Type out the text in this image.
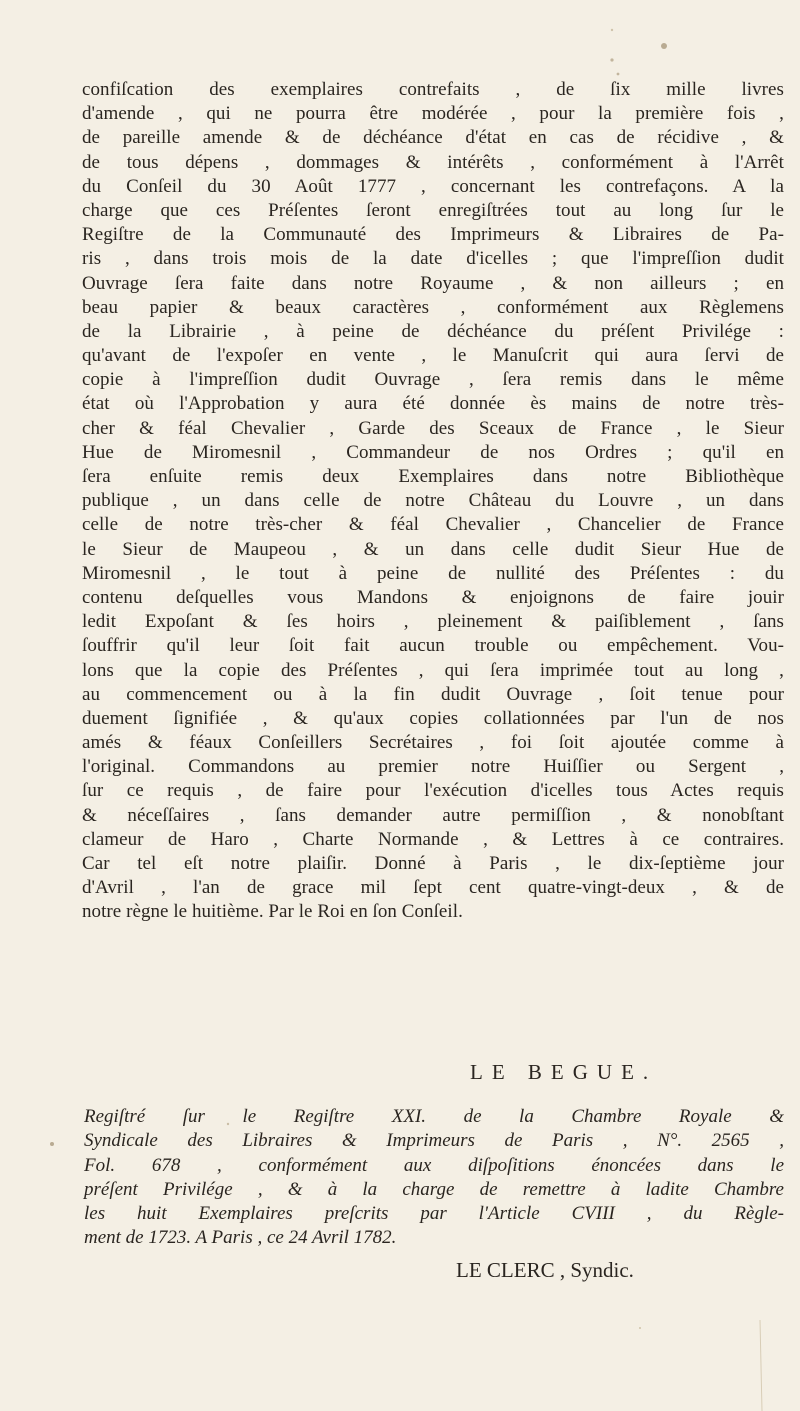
confiſcation des exemplaires contrefaits , de ſix mille livres
d'amende , qui ne pourra être modérée , pour la première fois ,
de pareille amende & de déchéance d'état en cas de récidive , &
de tous dépens , dommages & intérêts , conformément à l'Arrêt
du Conſeil du 30 Août 1777 , concernant les contrefaçons. A la
charge que ces Préſentes ſeront enregiſtrées tout au long ſur le
Regiſtre de la Communauté des Imprimeurs & Libraires de Pa-
ris , dans trois mois de la date d'icelles ; que l'impreſſion dudit
Ouvrage ſera faite dans notre Royaume , & non ailleurs ; en
beau papier & beaux caractères , conformément aux Règlemens
de la Librairie , à peine de déchéance du préſent Privilége :
qu'avant de l'expoſer en vente , le Manuſcrit qui aura ſervi de
copie à l'impreſſion dudit Ouvrage , ſera remis dans le même
état où l'Approbation y aura été donnée ès mains de notre très-
cher & féal Chevalier , Garde des Sceaux de France , le Sieur
Hue de Miromesnil , Commandeur de nos Ordres ; qu'il en
ſera enſuite remis deux Exemplaires dans notre Bibliothèque
publique , un dans celle de notre Château du Louvre , un dans
celle de notre très-cher & féal Chevalier , Chancelier de France
le Sieur de Maupeou , & un dans celle dudit Sieur Hue de
Miromesnil , le tout à peine de nullité des Préſentes : du
contenu deſquelles vous Mandons & enjoignons de faire jouir
ledit Expoſant & ſes hoirs , pleinement & paiſiblement , ſans
ſouffrir qu'il leur ſoit fait aucun trouble ou empêchement. Vou-
lons que la copie des Préſentes , qui ſera imprimée tout au long ,
au commencement ou à la fin dudit Ouvrage , ſoit tenue pour
duement ſignifiée , & qu'aux copies collationnées par l'un de nos
amés & féaux Conſeillers Secrétaires , foi ſoit ajoutée comme à
l'original. Commandons au premier notre Huiſſier ou Sergent ,
ſur ce requis , de faire pour l'exécution d'icelles tous Actes requis
& néceſſaires , ſans demander autre permiſſion , & nonobſtant
clameur de Haro , Charte Normande , & Lettres à ce contraires.
Car tel eſt notre plaiſir. Donné à Paris , le dix-ſeptième jour
d'Avril , l'an de grace mil ſept cent quatre-vingt-deux , & de
notre règne le huitième. Par le Roi en ſon Conſeil.
LE BEGUE.
Regiſtré ſur le Regiſtre XXI. de la Chambre Royale &
Syndicale des Libraires & Imprimeurs de Paris , N°. 2565 ,
Fol. 678 , conformément aux diſpoſitions énoncées dans le
préſent Privilége , & à la charge de remettre à ladite Chambre
les huit Exemplaires preſcrits par l'Article CVIII , du Règle-
ment de 1723. A Paris , ce 24 Avril 1782.
LE CLERC , Syndic.
